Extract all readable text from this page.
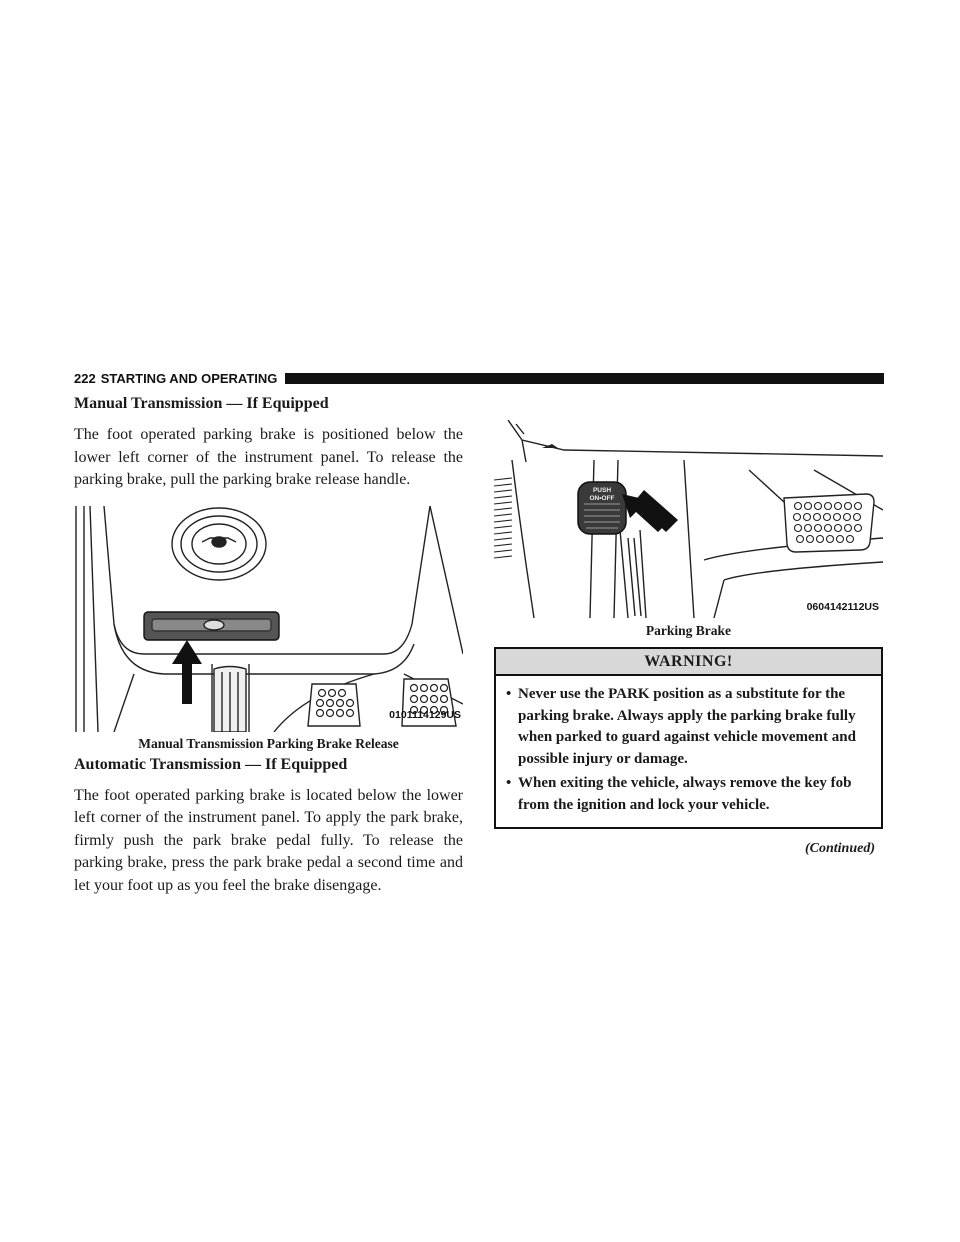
222 STARTING AND OPERATING
Manual Transmission — If Equipped

The foot operated parking brake is positioned below the lower left corner of the instrument panel. To release the parking brake, pull the parking brake release handle.

0101114129US

Manual Transmission Parking Brake Release

Automatic Transmission — If Equipped

The foot operated parking brake is located below the lower left corner of the instrument panel. To apply the park brake, firmly push the park brake pedal fully. To release the parking brake, press the park brake pedal a second time and let your foot up as you feel the brake disengage.

PUSH
ON•OFF
0604142112US

Parking Brake

WARNING!
• Never use the PARK position as a substitute for the parking brake. Always apply the parking brake fully when parked to guard against vehicle movement and possible injury or damage.
• When exiting the vehicle, always remove the key fob from the ignition and lock your vehicle.
(Continued)
